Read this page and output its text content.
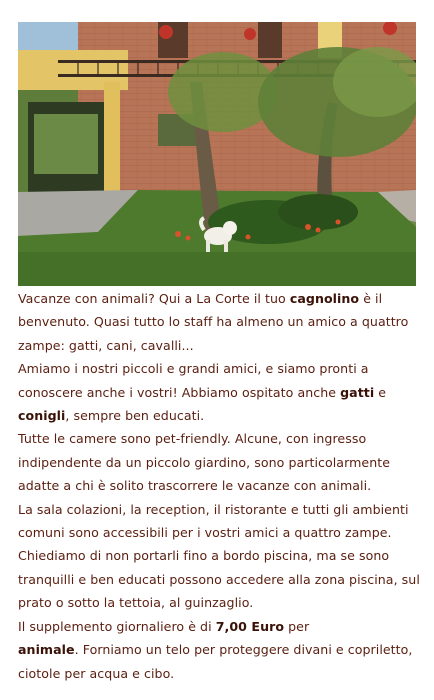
Vacanze con animali? Qui a La Corte il tuo cagnolino è il benvenuto. Quasi tutto lo staff ha almeno un amico a quattro zampe: gatti, cani, cavalli...

Amiamo i nostri piccoli e grandi amici, e siamo pronti a conoscere anche i vostri! Abbiamo ospitato anche gatti e conigli, sempre ben educati.

Tutte le camere sono pet-friendly. Alcune, con ingresso indipendente da un piccolo giardino, sono particolarmente adatte a chi è solito trascorrere le vacanze con animali.

La sala colazioni, la reception, il ristorante e tutti gli ambienti comuni sono accessibili per i vostri amici a quattro zampe.

Chiediamo di non portarli fino a bordo piscina, ma se sono tranquilli e ben educati possono accedere alla zona piscina, sul prato o sotto la tettoia, al guinzaglio.

Il supplemento giornaliero è di 7,00 Euro per
animale. Forniamo un telo per proteggere divani e copriletto, ciotole per acqua e cibo.
